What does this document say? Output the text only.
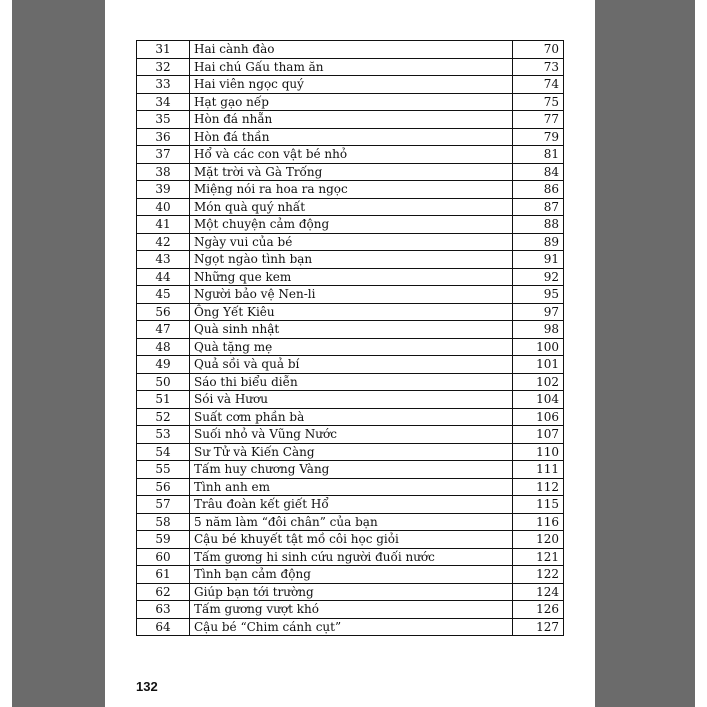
31	Hai cành đào	70
32	Hai chú Gấu tham ăn	73
33	Hai viên ngọc quý	74
34	Hạt gạo nếp	75
35	Hòn đá nhẵn	77
36	Hòn đá thần	79
37	Hổ và các con vật bé nhỏ	81
38	Mặt trời và Gà Trống	84
39	Miệng nói ra hoa ra ngọc	86
40	Món quà quý nhất	87
41	Một chuyện cảm động	88
42	Ngày vui của bé	89
43	Ngọt ngào tình bạn	91
44	Những que kem	92
45	Người bảo vệ Nen-li	95
56	Ông Yết Kiêu	97
47	Quà sinh nhật	98
48	Quà tặng mẹ	100
49	Quả sồi và quả bí	101
50	Sáo thi biểu diễn	102
51	Sói và Hươu	104
52	Suất cơm phần bà	106
53	Suối nhỏ và Vũng Nước	107
54	Sư Tử và Kiến Càng	110
55	Tấm huy chương Vàng	111
56	Tình anh em	112
57	Trâu đoàn kết giết Hổ	115
58	5 năm làm “đôi chân” của bạn	116
59	Cậu bé khuyết tật mồ côi học giỏi	120
60	Tấm gương hi sinh cứu người đuối nước	121
61	Tình bạn cảm động	122
62	Giúp bạn tới trường	124
63	Tấm gương vượt khó	126
64	Cậu bé “Chim cánh cụt”	127
132
